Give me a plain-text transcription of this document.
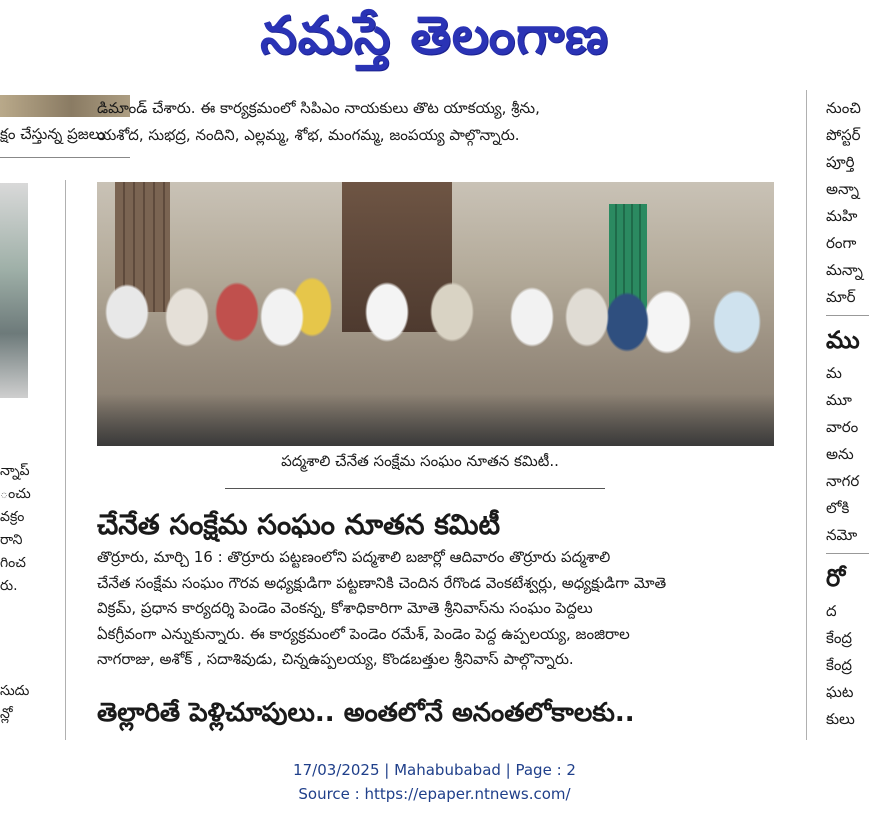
నమస్తే తెలంగాణ
క్షం చేస్తున్న ప్రజలు
న్నాప్
ంచు
వక్రం
రాని
గించ
రు.
సుదు
న్లో

డిమాండ్ చేశారు. ఈ కార్యక్రమంలో సిపిఎం నాయకులు తొట యాకయ్య, శ్రీను,

యశోద, సుభద్ర, నందిని, ఎల్లమ్మ, శోభ, మంగమ్మ, జంపయ్య పాల్గొన్నారు.

పద్మశాలి చేనేత సంక్షేమ సంఘం నూతన కమిటీ..
చేనేత సంక్షేమ సంఘం నూతన కమిటీ

తొర్రూరు, మార్చి 16 : తొర్రూరు పట్టణంలోని పద్మశాలి బజార్లో ఆదివారం తొర్రూరు పద్మశాలి

చేనేత సంక్షేమ సంఘం గౌరవ అధ్యక్షుడిగా పట్టణానికి చెందిన రేగొండ వెంకటేశ్వర్లు, అధ్యక్షుడిగా మోతె

విక్రమ్, ప్రధాన కార్యదర్శి పెండెం వెంకన్న, కోశాధికారిగా మోతె శ్రీనివాస్‌ను సంఘం పెద్దలు

ఏకగ్రీవంగా ఎన్నుకున్నారు. ఈ కార్యక్రమంలో పెండెం రమేశ్, పెండెం పెద్ద ఉప్పలయ్య, జంజిరాల

నాగరాజు, అశోక్ , సదాశివుడు, చిన్నఉప్పలయ్య, కొండబత్తుల శ్రీనివాస్ పాల్గొన్నారు.

తెల్లారితే పెళ్లిచూపులు.. అంతలోనే అనంతలోకాలకు..
నుంచి
పోస్టర్
పూర్తి
అన్నా
మహి
రంగా
మన్నా
మార్
ము
మ
మూ
వారం
అను
నాగర
లోకి
నమో
రో
ద
కేంద్ర
కేంద్ర
ఘట
కులు
17/03/2025 | Mahabubabad | Page : 2
Source : https://epaper.ntnews.com/
